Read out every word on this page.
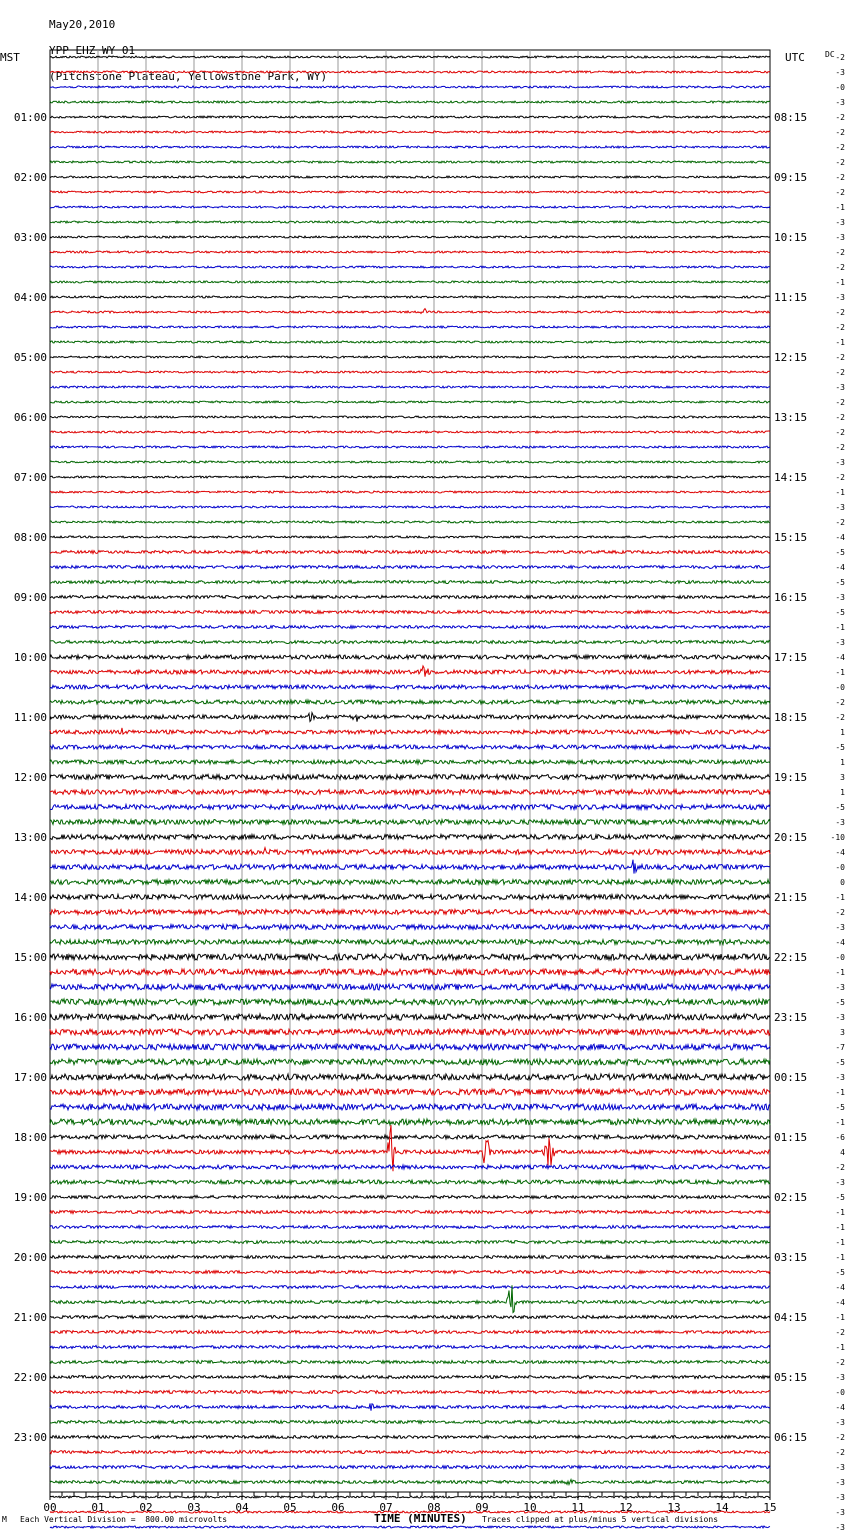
May20,2010

YPP EHZ WY 01

(Pitchstone Plateau, Yellowstone Park, WY)

MST	UTC	DC
00	01	02	03	04	05	06	07	08	09	10	11	12	13	14	15
-2
-3
-0
-3
-2
-2
-2
-2
-2
-2
-1
-3
-3
-2
-2
-1
-3
-2
-2
-1
-2
-2
-3
-2
-2
-2
-2
-3
-2
-1
-3
-2
-4
-5
-4
-5
-3
-5
-1
-3
-4
-1
-0
-2
-2
1
-5
1
3
1
-5
-3
-10
-4
-0
0
-1
-2
-3
-4
-0
-1
-3
-5
-3
3
-7
-5
-3
-1
-5
-1
-6
4
-2
-3
-5
-1
-1
-1
-1
-5
-4
-4
-1
-2
-1
-2
-3
-0
-4
-3
-2
-2
-3
-3
-3
-3
-3
01:00
02:00
03:00
04:00
05:00
06:00
07:00
08:00
09:00
10:00
11:00
12:00
13:00
14:00
15:00
16:00
17:00
18:00
19:00
20:00
21:00
22:00
23:00
08:15
09:15
10:15
11:15
12:15
13:15
14:15
15:15
16:15
17:15
18:15
19:15
20:15
21:15
22:15
23:15
00:15
01:15
02:15
03:15
04:15
05:15
06:15
M Each Vertical Division =  800.00 microvolts	TIME (MINUTES) Traces clipped at plus/minus 5 vertical divisions
